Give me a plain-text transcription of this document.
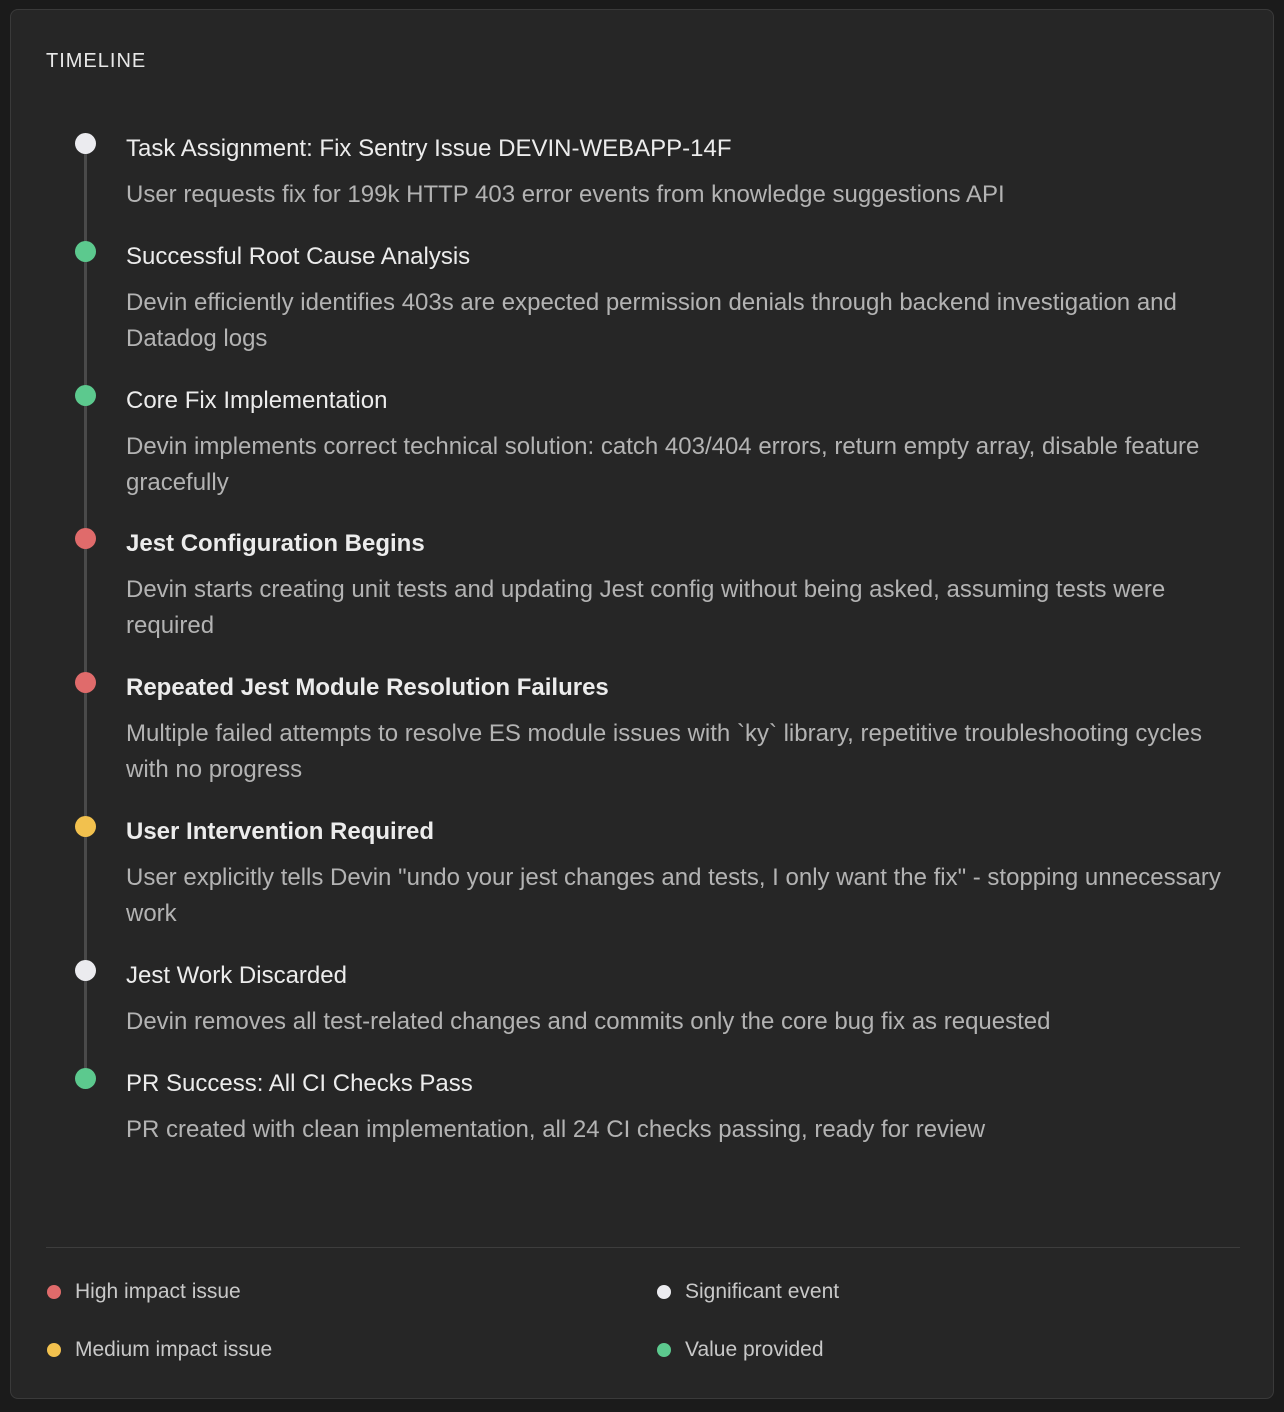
TIMELINE
Task Assignment: Fix Sentry Issue DEVIN-WEBAPP-14F
User requests fix for 199k HTTP 403 error events from knowledge suggestions API
Successful Root Cause Analysis
Devin efficiently identifies 403s are expected permission denials through backend investigation and Datadog logs
Core Fix Implementation
Devin implements correct technical solution: catch 403/404 errors, return empty array, disable feature gracefully
Jest Configuration Begins
Devin starts creating unit tests and updating Jest config without being asked, assuming tests were required
Repeated Jest Module Resolution Failures
Multiple failed attempts to resolve ES module issues with `ky` library, repetitive troubleshooting cycles with no progress
User Intervention Required
User explicitly tells Devin "undo your jest changes and tests, I only want the fix" - stopping unnecessary work
Jest Work Discarded
Devin removes all test-related changes and commits only the core bug fix as requested
PR Success: All CI Checks Pass
PR created with clean implementation, all 24 CI checks passing, ready for review
High impact issue
Medium impact issue
Significant event
Value provided
